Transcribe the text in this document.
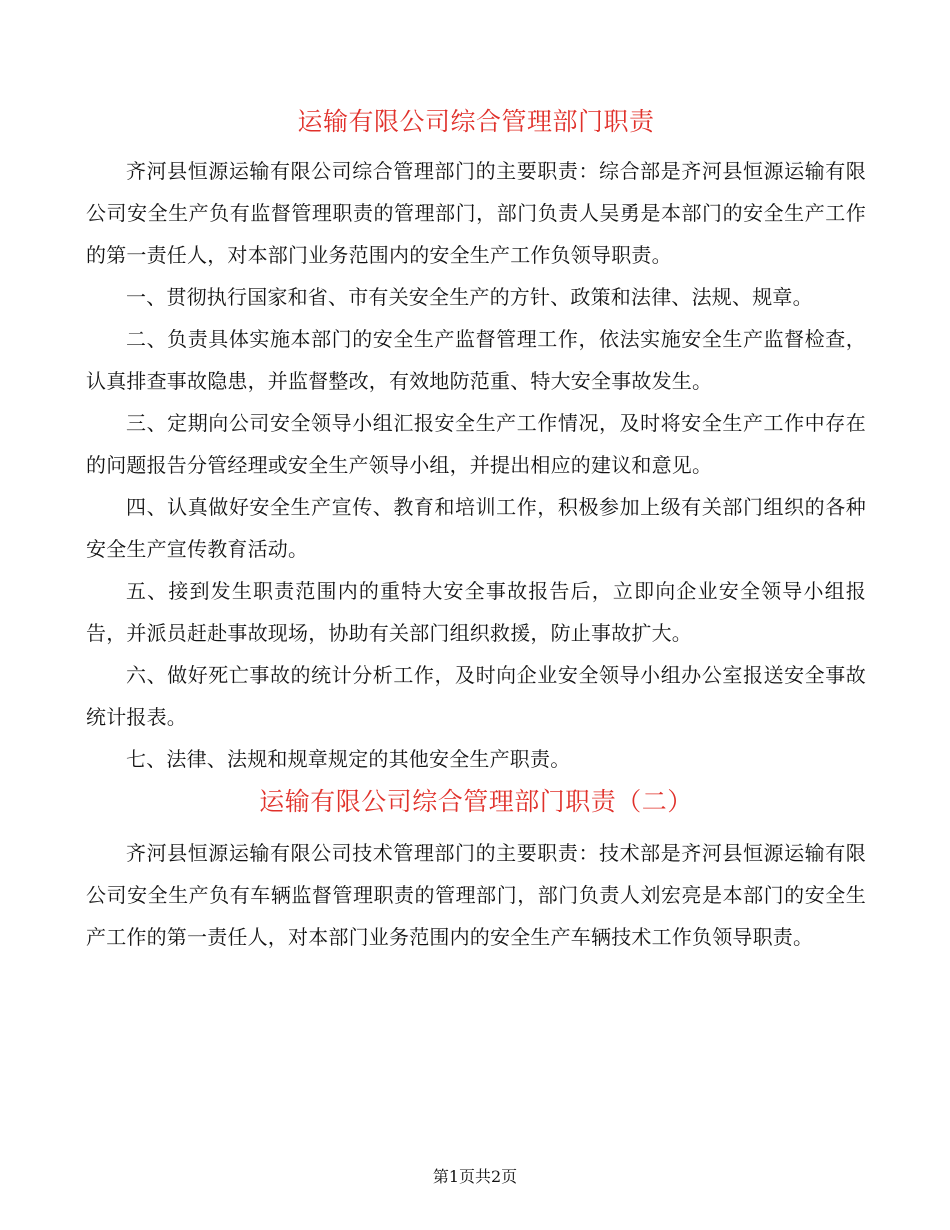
运输有限公司综合管理部门职责

齐河县恒源运输有限公司综合管理部门的主要职责：综合部是齐河县恒源运输有限公司安全生产负有监督管理职责的管理部门，部门负责人吴勇是本部门的安全生产工作的第一责任人，对本部门业务范围内的安全生产工作负领导职责。

一、贯彻执行国家和省、市有关安全生产的方针、政策和法律、法规、规章。

二、负责具体实施本部门的安全生产监督管理工作，依法实施安全生产监督检查，认真排查事故隐患，并监督整改，有效地防范重、特大安全事故发生。

三、定期向公司安全领导小组汇报安全生产工作情况，及时将安全生产工作中存在的问题报告分管经理或安全生产领导小组，并提出相应的建议和意见。

四、认真做好安全生产宣传、教育和培训工作，积极参加上级有关部门组织的各种安全生产宣传教育活动。

五、接到发生职责范围内的重特大安全事故报告后，立即向企业安全领导小组报告，并派员赶赴事故现场，协助有关部门组织救援，防止事故扩大。

六、做好死亡事故的统计分析工作，及时向企业安全领导小组办公室报送安全事故统计报表。

七、法律、法规和规章规定的其他安全生产职责。

运输有限公司综合管理部门职责（二）

齐河县恒源运输有限公司技术管理部门的主要职责：技术部是齐河县恒源运输有限公司安全生产负有车辆监督管理职责的管理部门，部门负责人刘宏亮是本部门的安全生产工作的第一责任人，对本部门业务范围内的安全生产车辆技术工作负领导职责。

第1页共2页
